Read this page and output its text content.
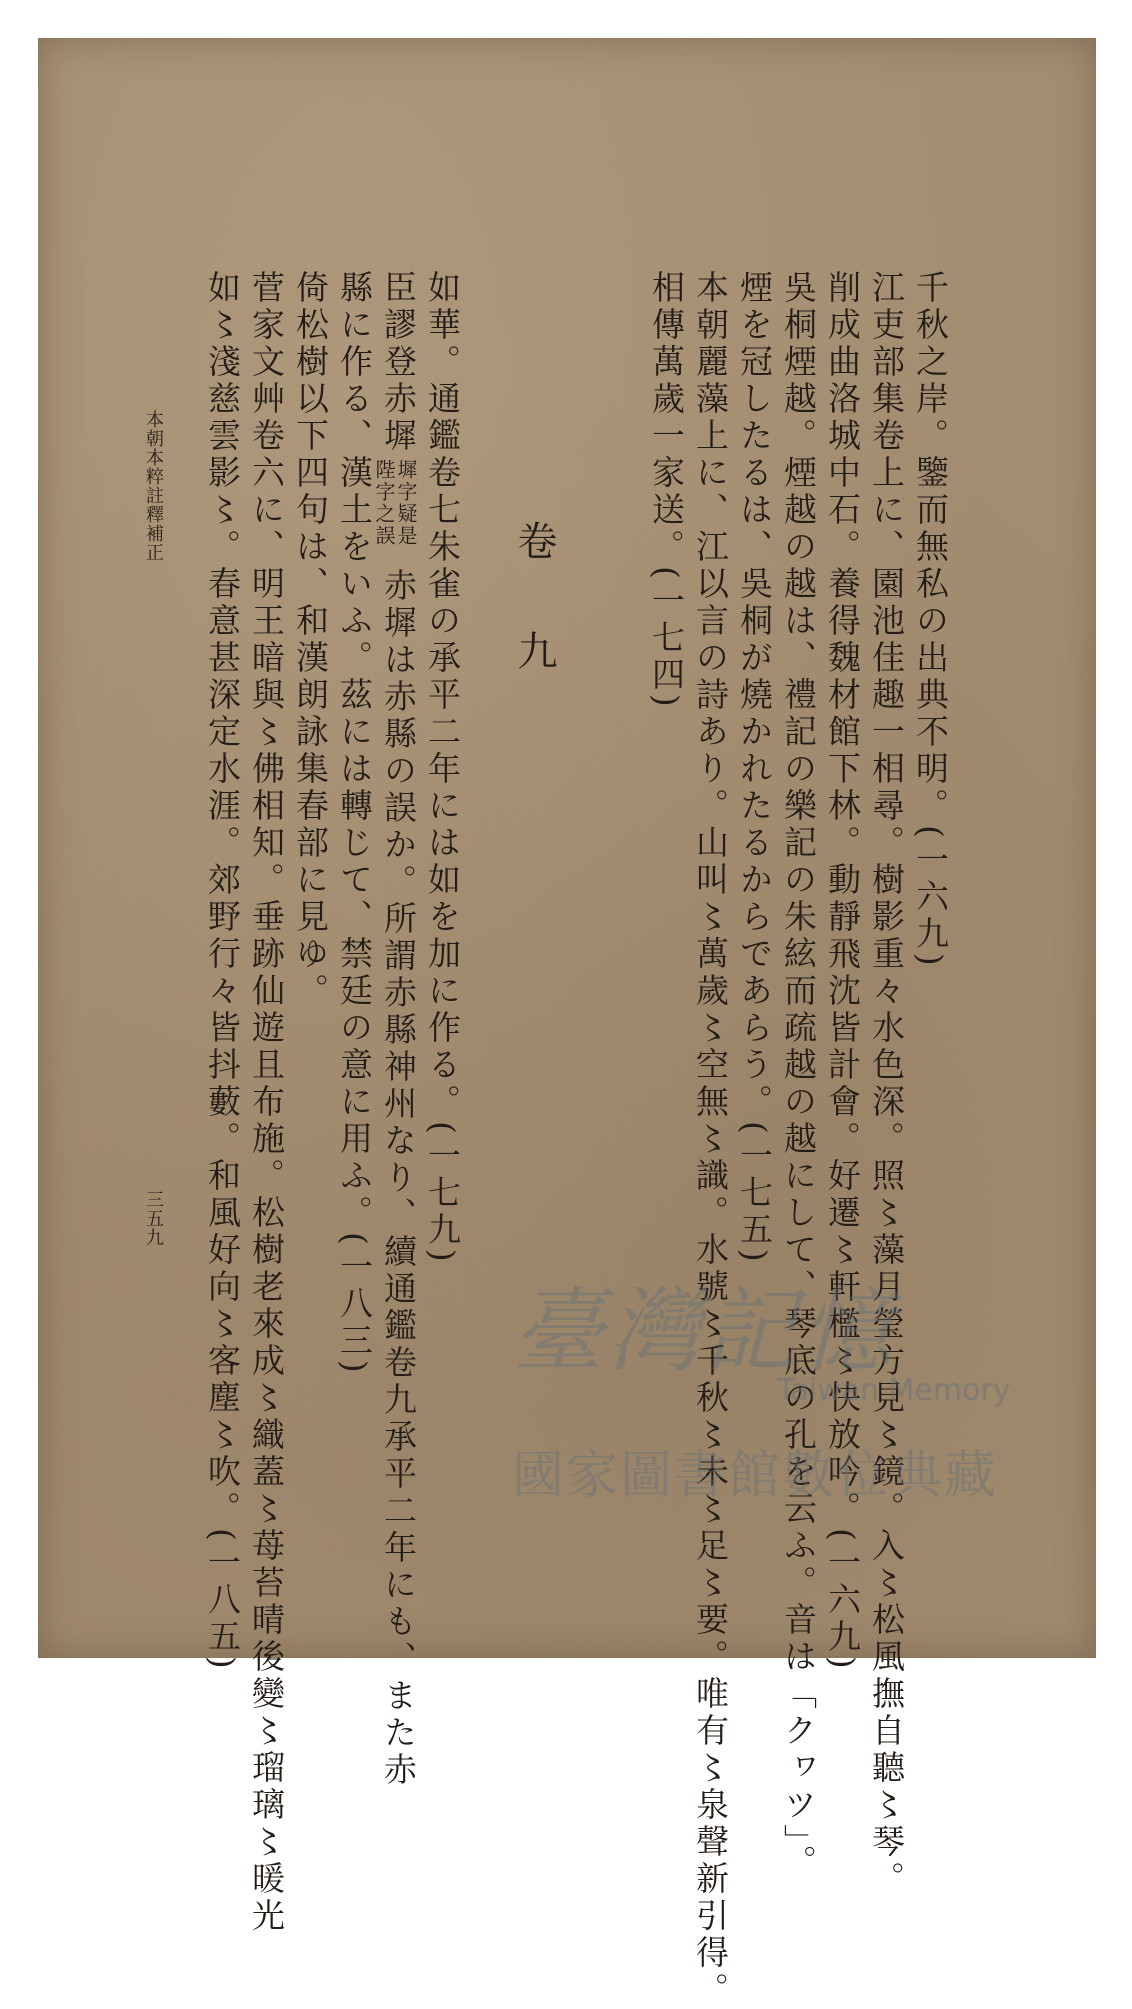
千秋之岸。鑒而無私の出典不明。(一六九)
江吏部集卷上に、園池佳趣一相尋。樹影重々水色深。照〻藻月瑩方見〻鏡。入〻松風撫自聽〻琴。
削成曲洛城中石。養得魏材館下林。動靜飛沈皆計會。好遷〻軒檻〻快放吟。(一六九)
吳桐煙越。煙越の越は、禮記の樂記の朱絃而疏越の越にして、琴底の孔を云ふ。音は「クヮツ」。
煙を冠したるは、吳桐が燒かれたるからであらう。(一七五)
本朝麗藻上に、江以言の詩あり。山叫〻萬歲〻空無〻識。水號〻千秋〻未〻足〻要。唯有〻泉聲新引得。
相傳萬歲一家送。(一七四)
卷九
如華。通鑑卷七朱雀の承平二年には如を加に作る。(一七九)
臣謬登赤墀
墀字疑是
陛字之誤
赤墀は赤縣の誤か。所謂赤縣神州なり、續通鑑卷九承平二年にも、また赤
縣に作る、漢土をいふ。茲には轉じて、禁廷の意に用ふ。(一八三)
倚松樹以下四句は、和漢朗詠集春部に見ゆ。
菅家文艸卷六に、明王暗與〻佛相知。垂跡仙遊且布施。松樹老來成〻織蓋〻苺苔晴後變〻瑠璃〻暖光
如〻淺慈雲影〻。春意甚深定水涯。郊野行々皆抖藪。和風好向〻客塵〻吹。(一八五)
本朝本粹註釋補正
三五九
臺灣記憶
Taiwan Memory
國家圖書館數位典藏
